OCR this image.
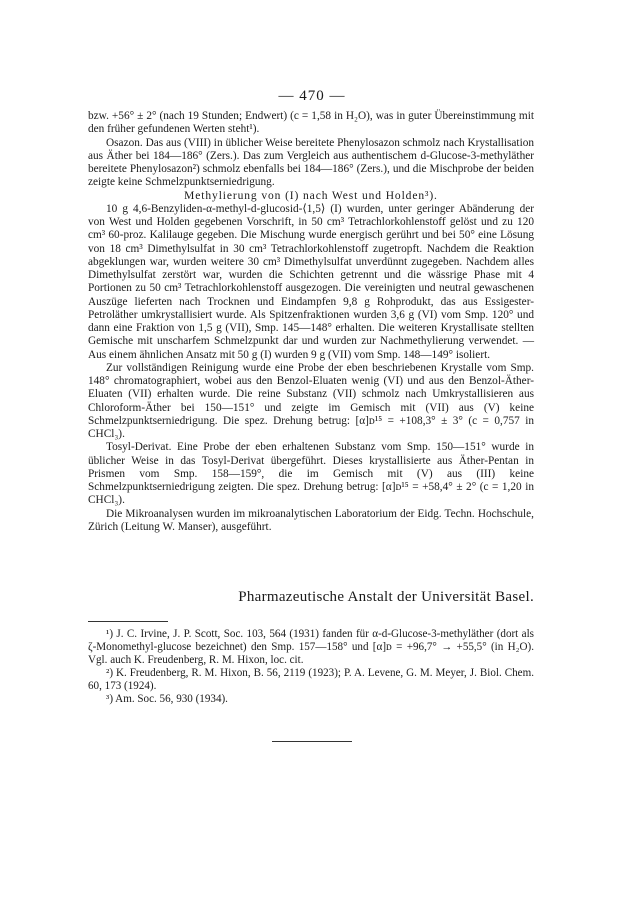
— 470 —

bzw. +56° ± 2° (nach 19 Stunden; Endwert) (c = 1,58 in H₂O), was in guter Übereinstimmung mit den früher gefundenen Werten steht¹).

Osazon. Das aus (VIII) in üblicher Weise bereitete Phenylosazon schmolz nach Krystallisation aus Äther bei 184—186° (Zers.). Das zum Vergleich aus authentischem d-Glucose-3-methyläther bereitete Phenylosazon²) schmolz ebenfalls bei 184—186° (Zers.), und die Mischprobe der beiden zeigte keine Schmelzpunktserniedrigung.

Methylierung von (I) nach West und Holden³).

10 g 4,6-Benzyliden-α-methyl-d-glucosid-⟨1,5⟩ (I) wurden, unter geringer Abänderung der von West und Holden gegebenen Vorschrift, in 50 cm³ Tetrachlorkohlenstoff gelöst und zu 120 cm³ 60-proz. Kalilauge gegeben. Die Mischung wurde energisch gerührt und bei 50° eine Lösung von 18 cm³ Dimethylsulfat in 30 cm³ Tetrachlorkohlenstoff zugetropft. Nachdem die Reaktion abgeklungen war, wurden weitere 30 cm³ Dimethylsulfat unverdünnt zugegeben. Nachdem alles Dimethylsulfat zerstört war, wurden die Schichten getrennt und die wässrige Phase mit 4 Portionen zu 50 cm³ Tetrachlorkohlenstoff ausgezogen. Die vereinigten und neutral gewaschenen Auszüge lieferten nach Trocknen und Eindampfen 9,8 g Rohprodukt, das aus Essigester-Petroläther umkrystallisiert wurde. Als Spitzenfraktionen wurden 3,6 g (VI) vom Smp. 120° und dann eine Fraktion von 1,5 g (VII), Smp. 145—148° erhalten. Die weiteren Krystallisate stellten Gemische mit unscharfem Schmelzpunkt dar und wurden zur Nachmethylierung verwendet. — Aus einem ähnlichen Ansatz mit 50 g (I) wurden 9 g (VII) vom Smp. 148—149° isoliert.

Zur vollständigen Reinigung wurde eine Probe der eben beschriebenen Krystalle vom Smp. 148° chromatographiert, wobei aus den Benzol-Eluaten wenig (VI) und aus den Benzol-Äther-Eluaten (VII) erhalten wurde. Die reine Substanz (VII) schmolz nach Umkrystallisieren aus Chloroform-Äther bei 150—151° und zeigte im Gemisch mit (VII) aus (V) keine Schmelzpunktserniedrigung. Die spez. Drehung betrug: [α]ᴅ¹⁵ = +108,3° ± 3° (c = 0,757 in CHCl₃).

Tosyl-Derivat. Eine Probe der eben erhaltenen Substanz vom Smp. 150—151° wurde in üblicher Weise in das Tosyl-Derivat übergeführt. Dieses krystallisierte aus Äther-Pentan in Prismen vom Smp. 158—159°, die im Gemisch mit (V) aus (III) keine Schmelzpunktserniedrigung zeigten. Die spez. Drehung betrug: [α]ᴅ¹⁵ = +58,4° ± 2° (c = 1,20 in CHCl₃).

Die Mikroanalysen wurden im mikroanalytischen Laboratorium der Eidg. Techn. Hochschule, Zürich (Leitung W. Manser), ausgeführt.

Pharmazeutische Anstalt der Universität Basel.

¹) J. C. Irvine, J. P. Scott, Soc. 103, 564 (1931) fanden für α-d-Glucose-3-methyläther (dort als ζ-Monomethyl-glucose bezeichnet) den Smp. 157—158° und [α]ᴅ = +96,7° → +55,5° (in H₂O). Vgl. auch K. Freudenberg, R. M. Hixon, loc. cit.

²) K. Freudenberg, R. M. Hixon, B. 56, 2119 (1923); P. A. Levene, G. M. Meyer, J. Biol. Chem. 60, 173 (1924).

³) Am. Soc. 56, 930 (1934).
